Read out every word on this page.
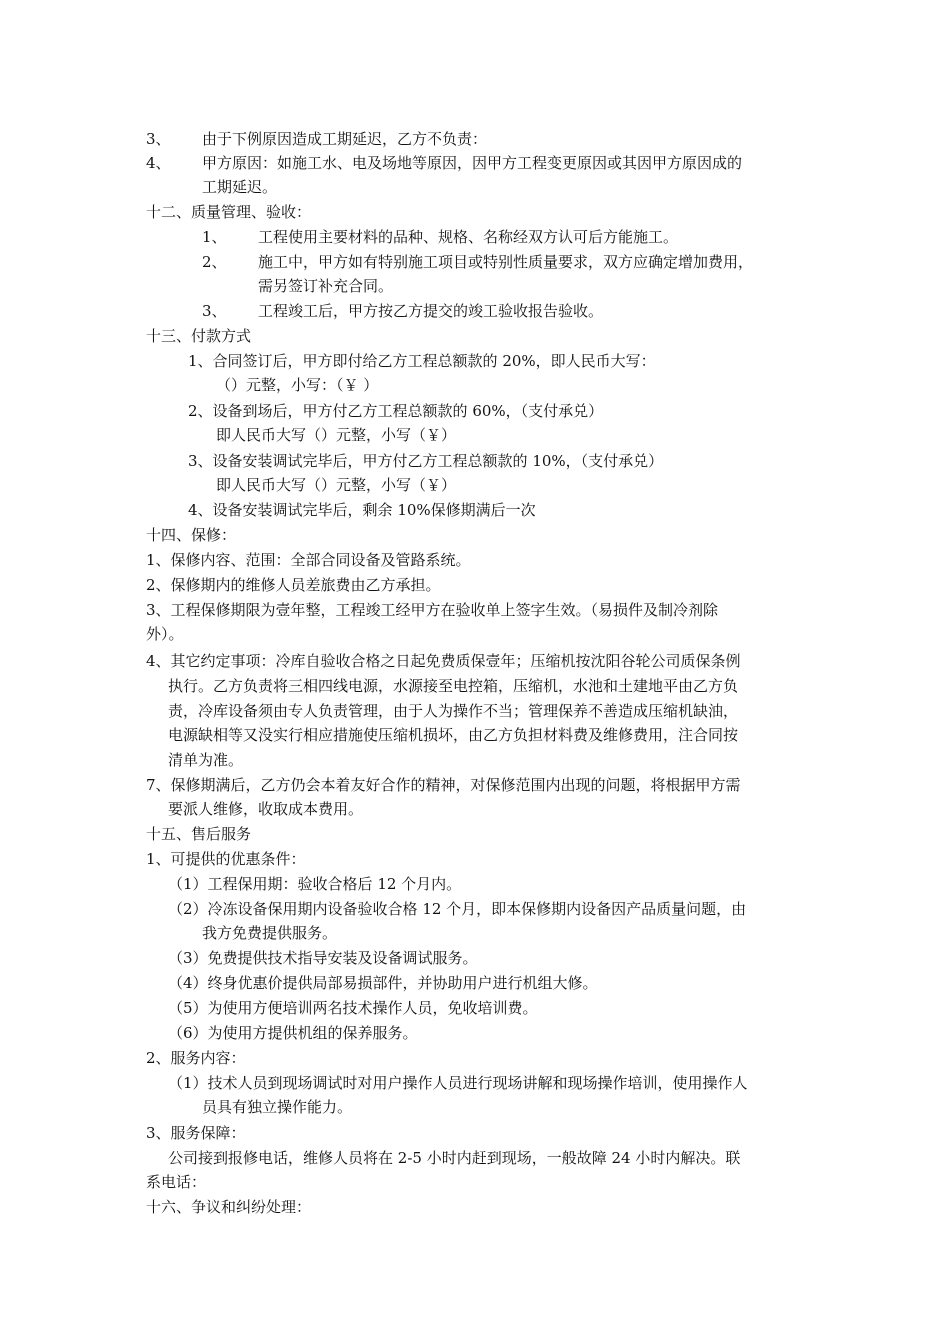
3、 由于下例原因造成工期延迟，乙方不负责：
4、 甲方原因：如施工水、电及场地等原因，因甲方工程变更原因或其因甲方原因成的
工期延迟。
十二、质量管理、验收：
1、 工程使用主要材料的品种、规格、名称经双方认可后方能施工。
2、 施工中，甲方如有特别施工项目或特别性质量要求，双方应确定增加费用，
需另签订补充合同。
3、 工程竣工后，甲方按乙方提交的竣工验收报告验收。
十三、付款方式
1、合同签订后，甲方即付给乙方工程总额款的 20%，即人民币大写：
（）元整，小写：（￥ ）
2、设备到场后，甲方付乙方工程总额款的 60%，（支付承兑）
即人民币大写（）元整，小写（￥）
3、设备安装调试完毕后，甲方付乙方工程总额款的 10%，（支付承兑）
即人民币大写（）元整，小写（￥）
4、设备安装调试完毕后，剩余 10%保修期满后一次
十四、保修：
1、保修内容、范围：全部合同设备及管路系统。
2、保修期内的维修人员差旅费由乙方承担。
3、工程保修期限为壹年整，工程竣工经甲方在验收单上签字生效。（易损件及制冷剂除
外）。
4、其它约定事项：冷库自验收合格之日起免费质保壹年；压缩机按沈阳谷轮公司质保条例
执行。乙方负责将三相四线电源，水源接至电控箱，压缩机，水池和土建地平由乙方负
责，冷库设备须由专人负责管理，由于人为操作不当；管理保养不善造成压缩机缺油，
电源缺相等又没实行相应措施使压缩机损坏，由乙方负担材料费及维修费用，注合同按
清单为准。
7、保修期满后，乙方仍会本着友好合作的精神，对保修范围内出现的问题，将根据甲方需
要派人维修，收取成本费用。
十五、售后服务
1、可提供的优惠条件：
（1）工程保用期：验收合格后 12 个月内。
（2）冷冻设备保用期内设备验收合格 12 个月，即本保修期内设备因产品质量问题，由
我方免费提供服务。
（3）免费提供技术指导安装及设备调试服务。
（4）终身优惠价提供局部易损部件，并协助用户进行机组大修。
（5）为使用方便培训两名技术操作人员，免收培训费。
（6）为使用方提供机组的保养服务。
2、服务内容：
（1）技术人员到现场调试时对用户操作人员进行现场讲解和现场操作培训，使用操作人
员具有独立操作能力。
3、服务保障：
公司接到报修电话，维修人员将在 2-5 小时内赶到现场，一般故障 24 小时内解决。联
系电话：
十六、争议和纠纷处理：
